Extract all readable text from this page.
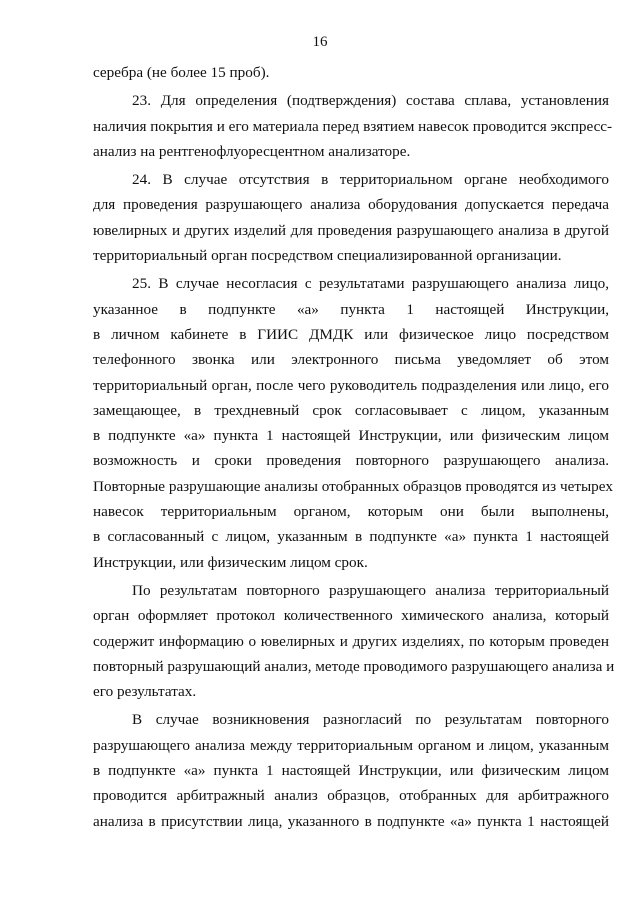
16
серебра (не более 15 проб).
23. Для определения (подтверждения) состава сплава, установления
наличия покрытия и его материала перед взятием навесок проводится экспресс-
анализ на рентгенофлуоресцентном анализаторе.
24. В случае отсутствия в территориальном органе необходимого
для проведения разрушающего анализа оборудования допускается передача
ювелирных и других изделий для проведения разрушающего анализа в другой
территориальный орган посредством специализированной организации.
25. В случае несогласия с результатами разрушающего анализа лицо,
указанное в подпункте «а» пункта 1 настоящей Инструкции,
в личном кабинете в ГИИС ДМДК или физическое лицо посредством
телефонного звонка или электронного письма уведомляет об этом
территориальный орган, после чего руководитель подразделения или лицо, его
замещающее, в трехдневный срок согласовывает с лицом, указанным
в подпункте «а» пункта 1 настоящей Инструкции, или физическим лицом
возможность и сроки проведения повторного разрушающего анализа.
Повторные разрушающие анализы отобранных образцов проводятся из четырех
навесок территориальным органом, которым они были выполнены,
в согласованный с лицом, указанным в подпункте «а» пункта 1 настоящей
Инструкции, или физическим лицом срок.
По результатам повторного разрушающего анализа территориальный
орган оформляет протокол количественного химического анализа, который
содержит информацию о ювелирных и других изделиях, по которым проведен
повторный разрушающий анализ, методе проводимого разрушающего анализа и
его результатах.
В случае возникновения разногласий по результатам повторного
разрушающего анализа между территориальным органом и лицом, указанным
в подпункте «а» пункта 1 настоящей Инструкции, или физическим лицом
проводится арбитражный анализ образцов, отобранных для арбитражного
анализа в присутствии лица, указанного в подпункте «а» пункта 1 настоящей
